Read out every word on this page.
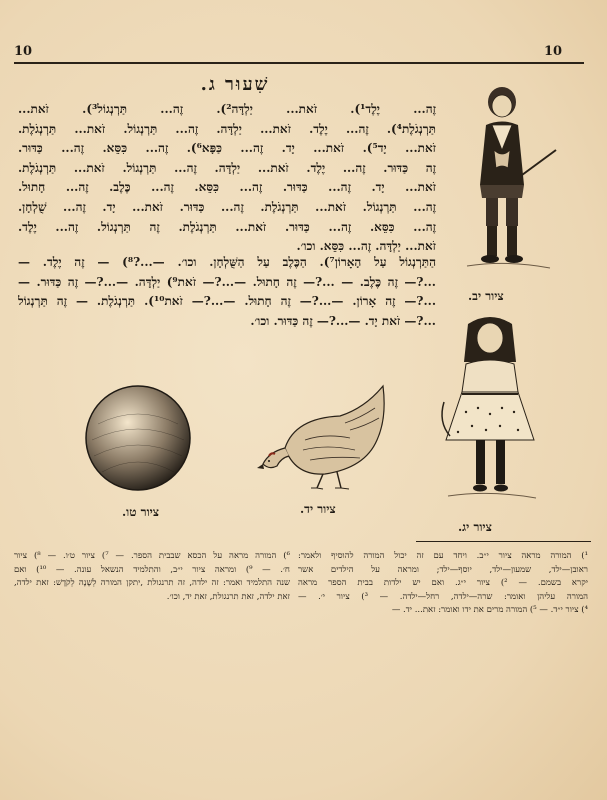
10	10
שִׁעוּר ג.
זֶה... יֶלֶד¹). זֹאת... יַלְדָּה²). זֶה... תַּרְנְגוֹל³). זֹאת...
תַּרְנְגֹלֶת⁴). זֶה... יֶלֶד. זֹאת... יַלְדָּה. זֶה... תַּרְנְגוֹל. זֹאת... תַּרְנְגֹלֶת.
זֹאת... יָד⁵). זֹאת... יָד. זֶה... כַּפָּא⁶). זֶה... כִּסֵּא. זֶה... כַּדּוּר.
זֶה כַּדּוּר. זֶה... יֶלֶד. זֹאת... יַלְדָּה. זֶה... תַּרְנְגוֹל. זֹאת... תַּרְנְגֹלֶת.
זֹאת... יָד. זֶה... כַּדּוּר. זֶה... כִּסֵּא. זֶה... כֶּלֶב. זֶה... חָתוּל.
זֶה... תַּרְנְגוֹל. זֹאת... תַּרְנְגֹלֶת. זֶה... כַּדּוּר. זֹאת... יָד. זֶה... שֻׁלְחָן.
זֶה... כִּסֵּא. זֶה... כַּדּוּר. זֹאת... תַּרְנְגֹלֶת. זֶה תַּרְנְגוֹל. זֶה... יֶלֶד.
זֹאת... יַלְדָּה. זֶה... כִּסֵּא. וכו׳.
הַתַּרְנְגוֹל עַל הָאָרוֹן⁷). הַכֶּלֶב עַל הַשֻּׁלְחָן. וכו׳. —...?⁸) — זֶה יֶלֶד. —
...?— זֶה כֶּלֶב. — ...?— זֶה חָתוּל. —...?— זֹאת⁹) יַלְדָּה. —...?— זֶה כַּדּוּר. —
...?— זֶה אָרוֹן. —...?— זֶה חָתוּל. —...?— זֹאת¹⁰). תַּרְנְגֹלֶת. — זֶה תַּרְנְגוֹל
...?— זֹאת יָד. —...?— זֶה כַּדּוּר. וכו׳.
ציור יב.
ציור יג.
ציור יד.
ציור טו.
¹) המורה מראה ציור י״ב. ויחד עם זה יכול המורה להוסיף ולאמר:
ראובן—ילד, שמעון—ילד, יוסף—ילד; ומראה על הילדים אשר
יקרא בשמם. — ²) ציור י״ג. ואם יש ילדות בבית הספר מראה
המורה עליהן ואומר: שרה—ילדה, רחל—ילדה. — ³) ציור י׳. —
⁴) ציור י״ד. — ⁵) המורה מרים את ידו ואומר: זאת... יד. —
⁶) המורה מראה על הכסא שבבית הספר. — ⁷) ציור ט׳ו. — ⁸) ציור
ח׳. — ⁹) ומראה ציור י״ב, והתלמיד הנשאל עונה. — ¹⁰) ואם
שנה התלמיד ואמר: זה ילדה, זה תרנגולת ,יתקן המורה לְשָׁנָה לְקֹדֶשׁ: זאת ילדה,
זאת ילדה, זאת תרנגולת, זאת יד, וכו׳.
